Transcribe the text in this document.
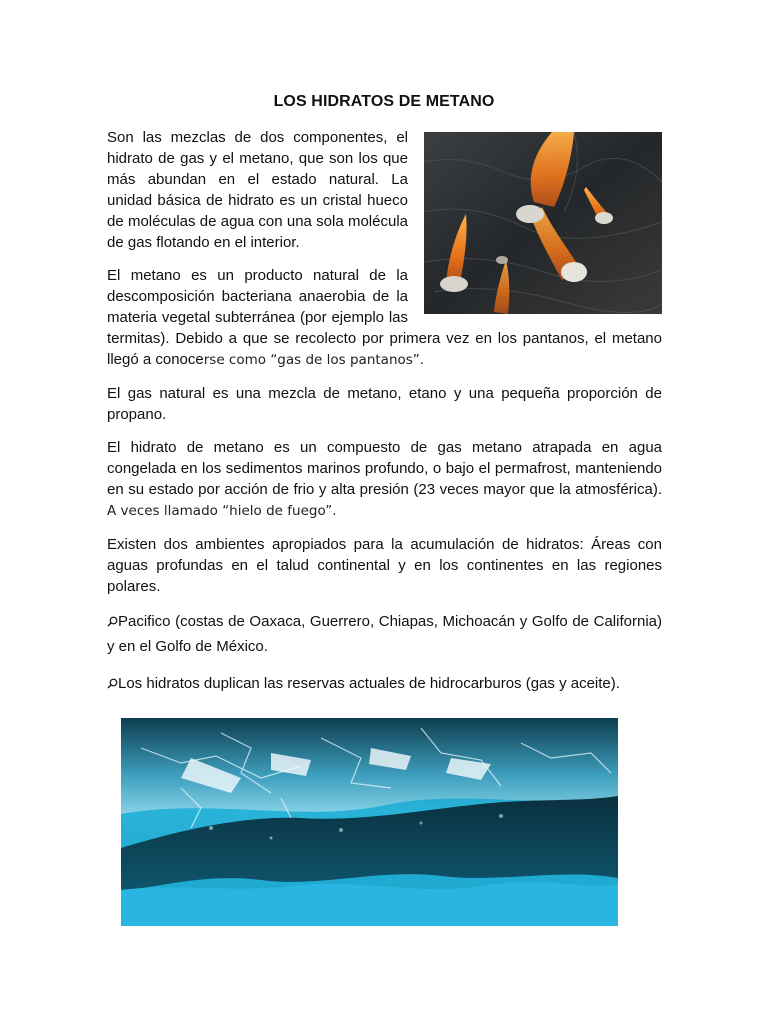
LOS HIDRATOS DE METANO

Son las mezclas de dos componentes, el hidrato de gas y el metano, que son los que más abundan en el estado natural. La unidad básica de hidrato es un cristal hueco de moléculas de agua con una sola molécula de gas flotando en el interior.

El metano es un producto natural de la descomposición bacteriana anaerobia de la materia vegetal subterránea (por ejemplo las termitas). Debido a que se recolecto por primera vez en los pantanos, el metano llegó a conocerse como “gas de los pantanos”.

El gas natural es una mezcla de metano, etano y una pequeña proporción de propano.

El hidrato de metano es un compuesto de gas metano atrapada en agua congelada en los sedimentos marinos profundo, o bajo el permafrost, manteniendo en su estado por acción de frio y alta presión (23 veces mayor que la atmosférica). A veces llamado “hielo de fuego”.

Existen dos ambientes apropiados para la acumulación de hidratos: Áreas con aguas profundas en el talud continental y en los continentes en las regiones polares.

Pacifico (costas de Oaxaca, Guerrero, Chiapas, Michoacán y Golfo de California) y en el Golfo de México.

Los hidratos duplican las reservas actuales de hidrocarburos (gas y aceite).
